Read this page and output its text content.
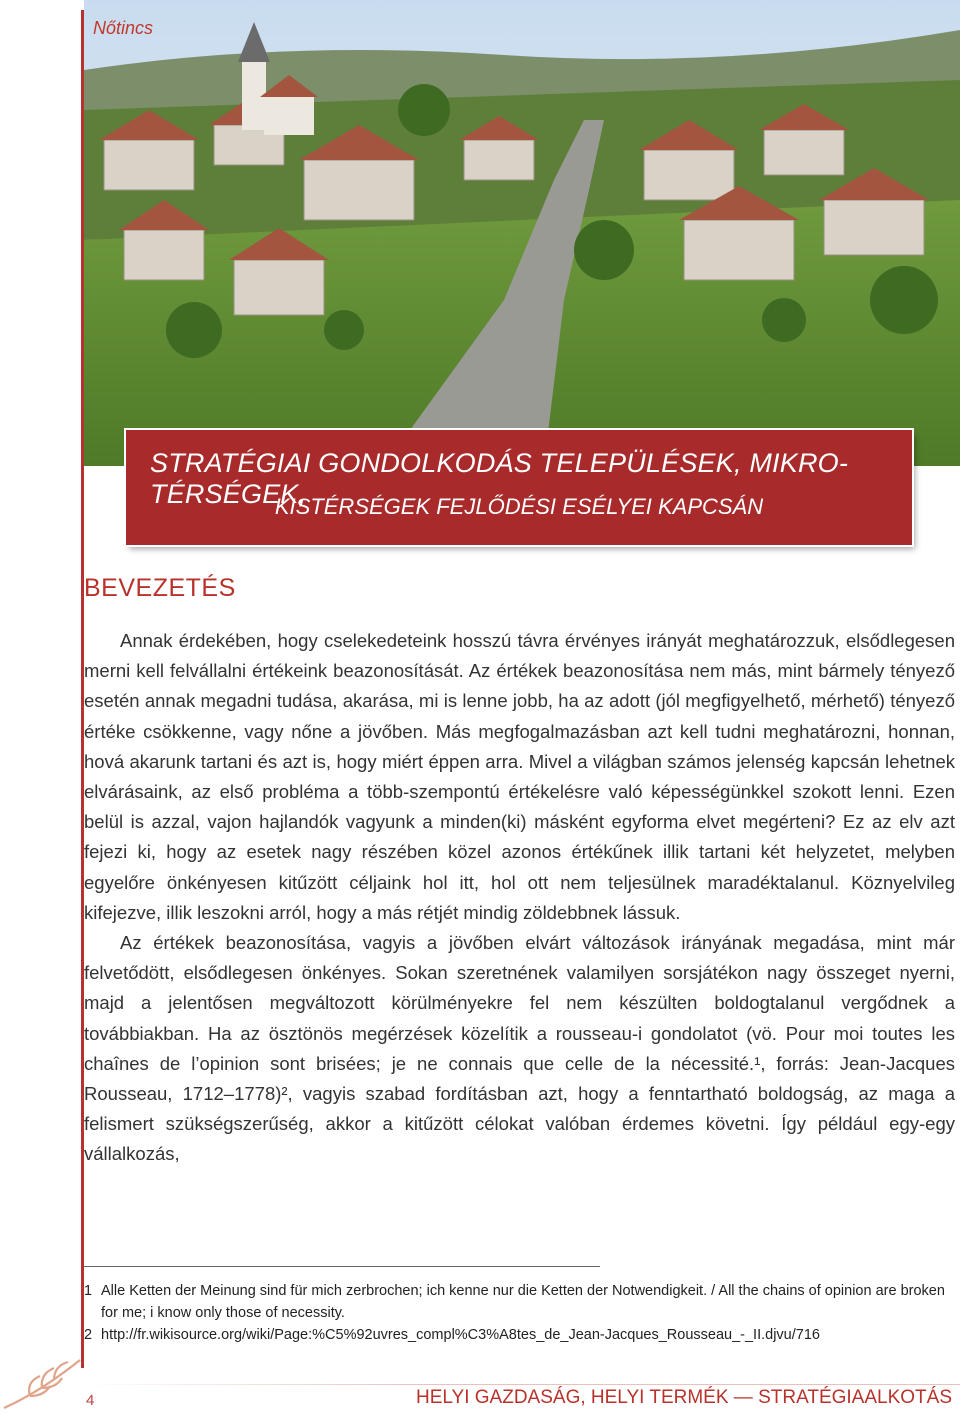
Nőtincs
STRATÉGIAI GONDOLKODÁS TELEPÜLÉSEK, MIKRO-TÉRSÉGEK,
KISTÉRSÉGEK FEJLŐDÉSI ESÉLYEI KAPCSÁN
BEVEZETÉS

Annak érdekében, hogy cselekedeteink hosszú távra érvényes irányát meghatározzuk, elsődlegesen merni kell felvállalni értékeink beazonosítását. Az értékek beazonosítása nem más, mint bármely tényező esetén annak megadni tudása, akarása, mi is lenne jobb, ha az adott (jól megfigyelhető, mérhető) tényező értéke csökkenne, vagy nőne a jövőben. Más megfogalmazásban azt kell tudni meghatározni, honnan, hová akarunk tartani és azt is, hogy miért éppen arra. Mivel a világban számos jelenség kapcsán lehetnek elvárásaink, az első probléma a több-szempontú értékelésre való képességünkkel szokott lenni. Ezen belül is azzal, vajon hajlandók vagyunk a minden(ki) másként egyforma elvet megérteni? Ez az elv azt fejezi ki, hogy az esetek nagy részében közel azonos értékűnek illik tartani két helyzetet, melyben egyelőre önkényesen kitűzött céljaink hol itt, hol ott nem teljesülnek maradéktalanul. Köznyelvileg kifejezve, illik leszokni arról, hogy a más rétjét mindig zöldebbnek lássuk.

Az értékek beazonosítása, vagyis a jövőben elvárt változások irányának megadása, mint már felvetődött, elsődlegesen önkényes. Sokan szeretnének valamilyen sorsjátékon nagy összeget nyerni, majd a jelentősen megváltozott körülményekre fel nem készülten boldogtalanul vergődnek a továbbiakban. Ha az ösztönös megérzések közelítik a rousseau-i gondolatot (vö. Pour moi toutes les chaînes de l’opinion sont brisées; je ne connais que celle de la nécessité.¹, forrás: Jean-Jacques Rousseau, 1712–1778)², vagyis szabad fordításban azt, hogy a fenntartható boldogság, az maga a felismert szükségszerűség, akkor a kitűzött célokat valóban érdemes követni. Így például egy-egy vállalkozás,

1 Alle Ketten der Meinung sind für mich zerbrochen; ich kenne nur die Ketten der Notwendigkeit. / All the chains of opinion are broken for me; i know only those of necessity.
2 http://fr.wikisource.org/wiki/Page:%C5%92uvres_compl%C3%A8tes_de_Jean-Jacques_Rousseau_-_II.djvu/716
4	HELYI GAZDASÁG, HELYI TERMÉK — STRATÉGIAALKOTÁS
